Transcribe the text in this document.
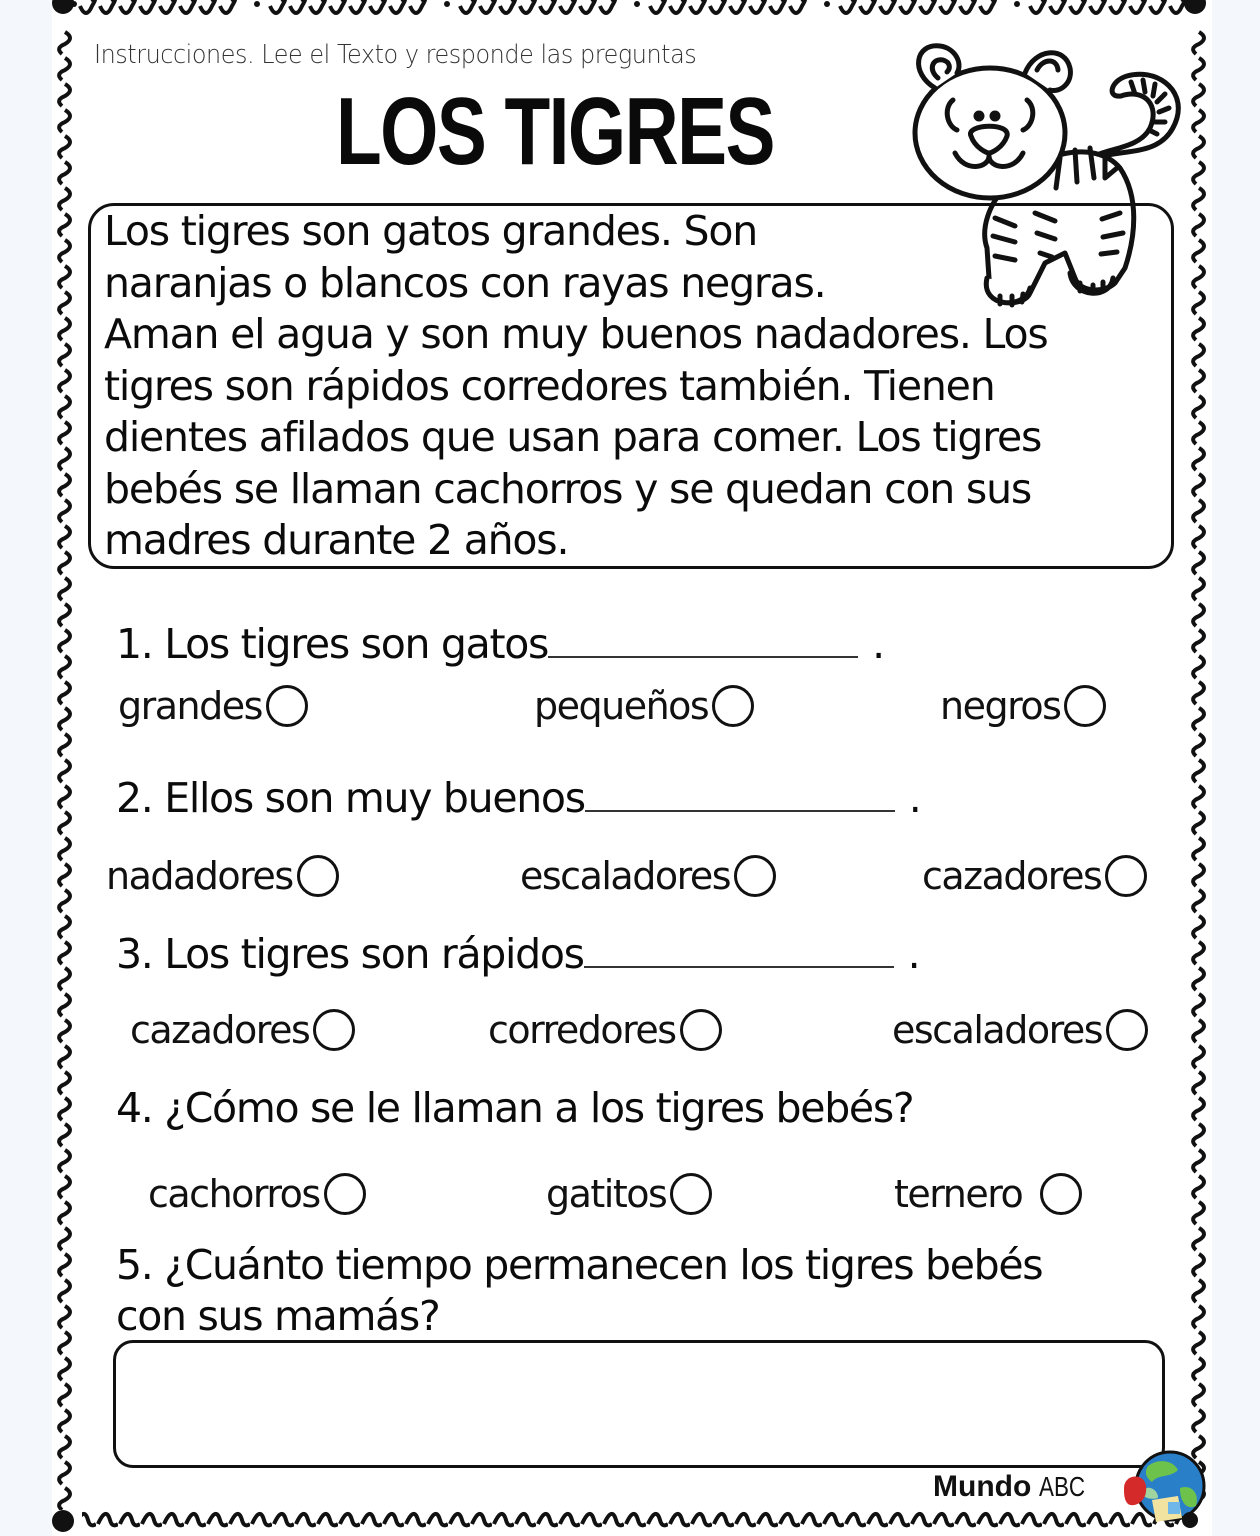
Instrucciones. Lee el Texto y responde las preguntas
LOS TIGRES
Los tigres son gatos grandes. Son
naranjas o blancos con rayas negras.
Aman el agua y son muy buenos nadadores. Los
tigres son rápidos corredores también. Tienen
dientes afilados que usan para comer. Los tigres
bebés se llaman cachorros y se quedan con sus
madres durante 2 años.
1. Los tigres son gatos	.
grandes	pequeños	negros
2. Ellos son muy buenos	.
nadadores	escaladores	cazadores
3. Los tigres son rápidos	.
cazadores	corredores	escaladores
4. ¿Cómo se le llaman a los tigres bebés?
cachorros	gatitos	ternero
5. ¿Cuánto tiempo permanecen los tigres bebés
con sus mamás?
Mundo ABC
